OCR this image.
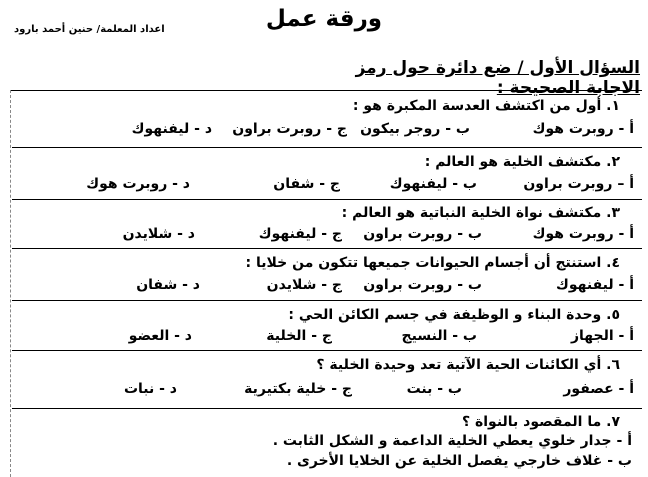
ورقة عمل
اعداد المعلمة/ حنين أحمد بارود
السؤال الأول / ضع دائرة حول رمز الاجابة الصحيحة :
١. أول من اكتشف العدسة المكبرة هو :
أ - روبرت هوك
ب - روجر بيكون
ج - روبرت براون
د - ليفنهوك
٢. مكتشف الخلية هو العالم :
أ – روبرت براون
ب - ليفنهوك
ج - شفان
د - روبرت هوك
٣. مكتشف نواة الخلية النباتية هو العالم :
أ - روبرت هوك
ب - روبرت براون
ج - ليفنهوك
د - شلايدن
٤. استنتج أن أجسام الحيوانات جميعها تتكون من خلايا :
أ - ليفنهوك
ب - روبرت براون
ج - شلايدن
د - شفان
٥. وحدة البناء و الوظيفة في جسم الكائن الحي :
أ - الجهاز
ب - النسيج
ج - الخلية
د - العضو
٦. أي الكائنات الحية الآتية تعد وحيدة الخلية ؟
أ - عصفور
ب - بنت
ج - خلية بكتيرية
د - نبات
٧. ما المقصود بالنواة ؟
أ - جدار خلوي يعطي الخلية الداعمة و الشكل الثابت .
ب - غلاف خارجي يفصل الخلية عن الخلايا الأخرى .
